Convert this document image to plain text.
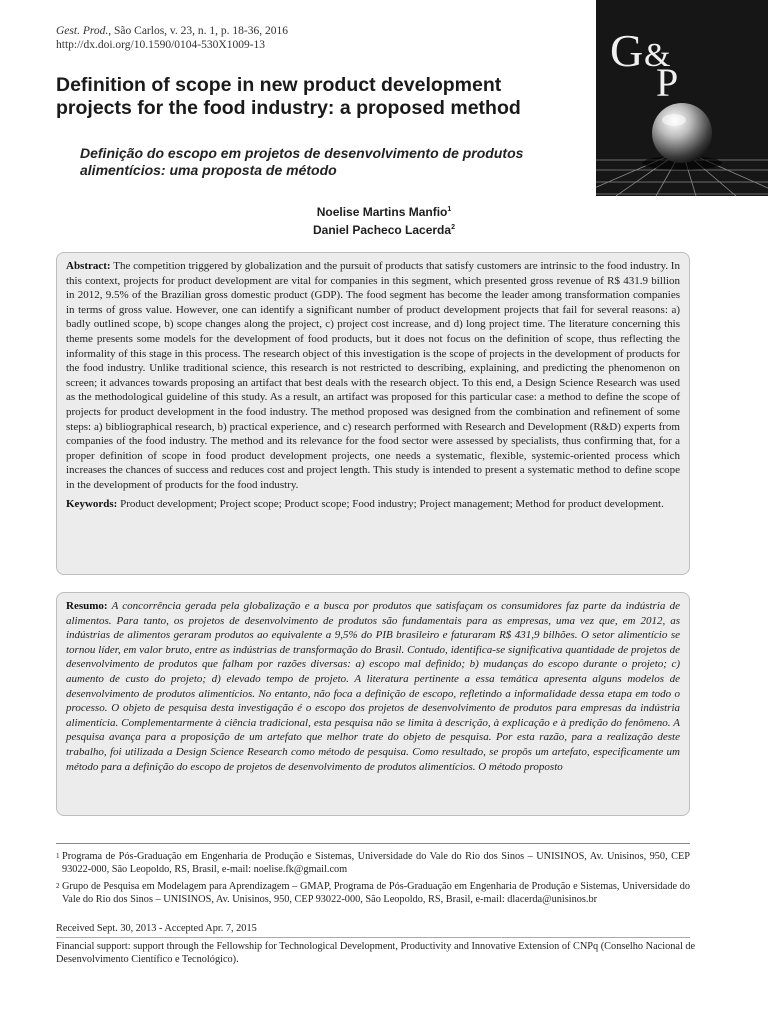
Gest. Prod., São Carlos, v. 23, n. 1, p. 18-36, 2016
http://dx.doi.org/10.1590/0104-530X1009-13	G &
P
Definition of scope in new product development projects for the food industry: a proposed method
Definição do escopo em projetos de desenvolvimento de produtos alimentícios: uma proposta de método
Noelise Martins Manfio$^1$
Daniel Pacheco Lacerda$^2$

Abstract: The competition triggered by globalization and the pursuit of products that satisfy customers are intrinsic to the food industry. In this context, projects for product development are vital for companies in this segment, which presented gross revenue of R$ 431.9 billion in 2012, 9.5% of the Brazilian gross domestic product (GDP). The food segment has become the leader among transformation companies in terms of gross value. However, one can identify a significant number of product development projects that fail for several reasons: a) badly outlined scope, b) scope changes along the project, c) project cost increase, and d) long project time. The literature concerning this theme presents some models for the development of food products, but it does not focus on the definition of scope, thus reflecting the informality of this stage in this process. The research object of this investigation is the scope of projects in the development of products for the food industry. Unlike traditional science, this research is not restricted to describing, explaining, and predicting the phenomenon on screen; it advances towards proposing an artifact that best deals with the research object. To this end, a Design Science Research was used as the methodological guideline of this study. As a result, an artifact was proposed for this particular case: a method to define the scope of projects for product development in the food industry. The method proposed was designed from the combination and refinement of some steps: a) bibliographical research, b) practical experience, and c) research performed with Research and Development (R&D) experts from companies of the food industry. The method and its relevance for the food sector were assessed by specialists, thus confirming that, for a proper definition of scope in food product development projects, one needs a systematic, flexible, systemic-oriented process which increases the chances of success and reduces cost and project length. This study is intended to present a systematic method to define scope in the development of products for the food industry.

Keywords: Product development; Project scope; Product scope; Food industry; Project management; Method for product development.

Resumo: A concorrência gerada pela globalização e a busca por produtos que satisfaçam os consumidores faz parte da indústria de alimentos. Para tanto, os projetos de desenvolvimento de produtos são fundamentais para as empresas, uma vez que, em 2012, as indústrias de alimentos geraram produtos ao equivalente a 9,5% do PIB brasileiro e faturaram R$ 431,9 bilhões. O setor alimentício se tornou líder, em valor bruto, entre as indústrias de transformação do Brasil. Contudo, identifica-se significativa quantidade de projetos de desenvolvimento de produtos que falham por razões diversas: a) escopo mal definido; b) mudanças do escopo durante o projeto; c) aumento de custo do projeto; d) elevado tempo de projeto. A literatura pertinente a essa temática apresenta alguns modelos de desenvolvimento de produtos alimentícios. No entanto, não foca a definição de escopo, refletindo a informalidade dessa etapa em todo o processo. O objeto de pesquisa desta investigação é o escopo dos projetos de desenvolvimento de produtos para empresas da indústria alimentícia. Complementarmente à ciência tradicional, esta pesquisa não se limita à descrição, à explicação e à predição do fenômeno. A pesquisa avança para a proposição de um artefato que melhor trate do objeto de pesquisa. Por esta razão, para a realização deste trabalho, foi utilizada a Design Science Research como método de pesquisa. Como resultado, se propôs um artefato, especificamente um método para a definição do escopo de projetos de desenvolvimento de produtos alimentícios. O método proposto

1 Programa de Pós-Graduação em Engenharia de Produção e Sistemas, Universidade do Vale do Rio dos Sinos – UNISINOS, Av. Unisinos, 950, CEP 93022-000, São Leopoldo, RS, Brasil, e-mail: noelise.fk@gmail.com
2 Grupo de Pesquisa em Modelagem para Aprendizagem – GMAP, Programa de Pós-Graduação em Engenharia de Produção e Sistemas, Universidade do Vale do Rio dos Sinos – UNISINOS, Av. Unisinos, 950, CEP 93022-000, São Leopoldo, RS, Brasil, e-mail: dlacerda@unisinos.br
Received Sept. 30, 2013 - Accepted Apr. 7, 2015
Financial support: support through the Fellowship for Technological Development, Productivity and Innovative Extension of CNPq (Conselho Nacional de Desenvolvimento Científico e Tecnológico).
